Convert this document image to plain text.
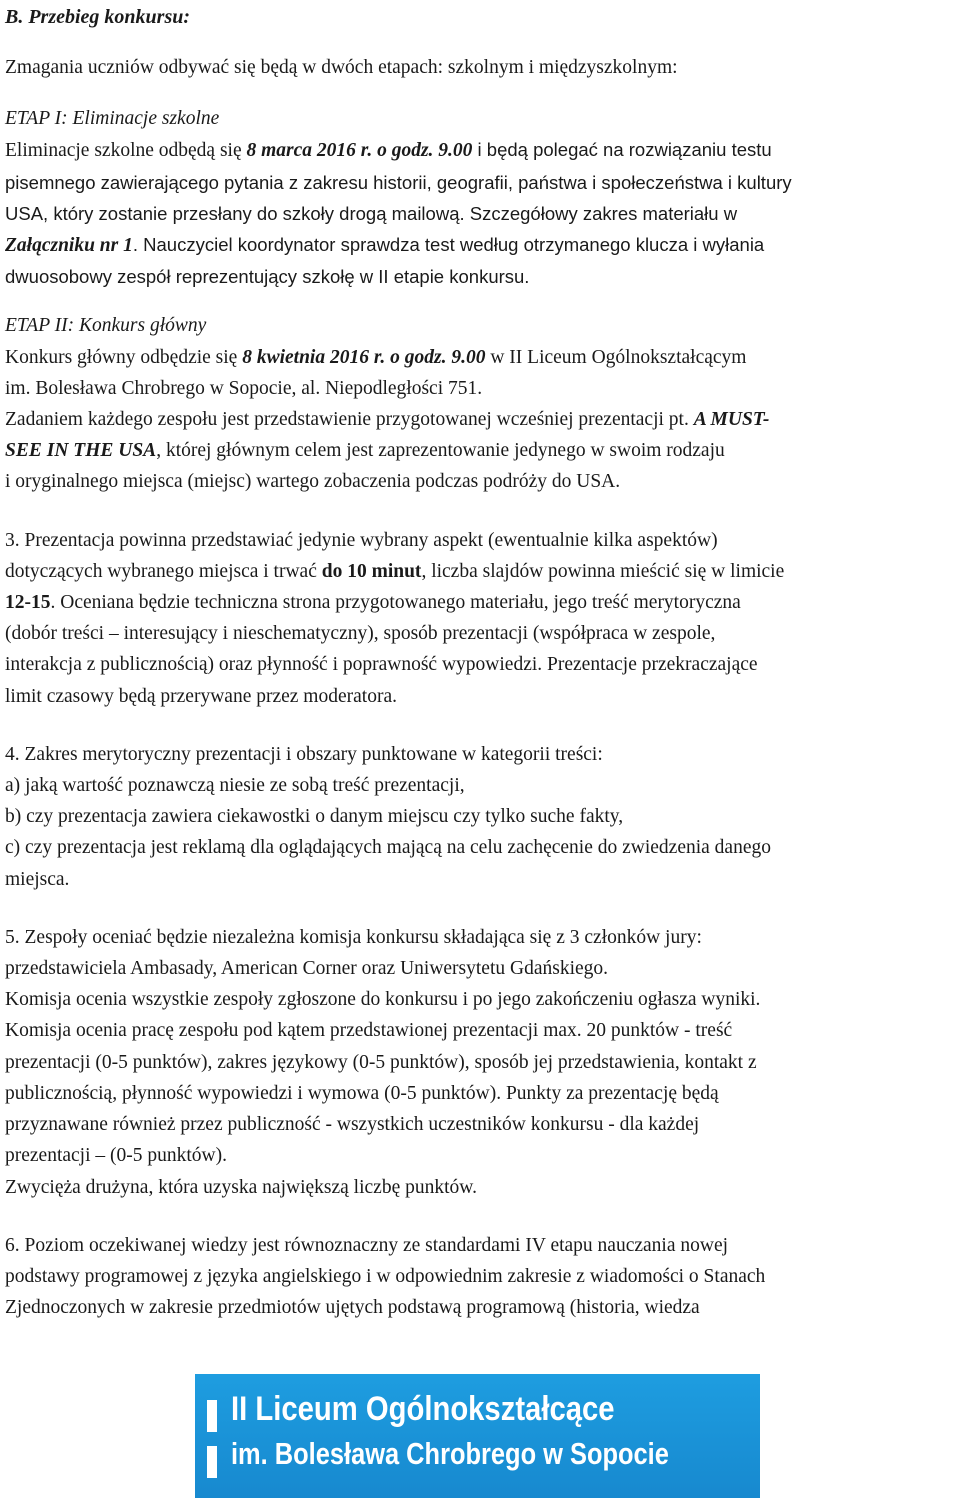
B. Przebieg konkursu:

Zmagania uczniów odbywać się będą w dwóch etapach: szkolnym i międzyszkolnym:

ETAP I: Eliminacje szkolne

Eliminacje szkolne odbędą się 8 marca 2016 r. o godz. 9.00 i będą polegać na rozwiązaniu testu

pisemnego zawierającego pytania z zakresu historii, geografii, państwa i społeczeństwa i kultury

USA, który zostanie przesłany do szkoły drogą mailową. Szczegółowy zakres materiału w

Załączniku nr 1. Nauczyciel koordynator sprawdza test według otrzymanego klucza i wyłania

dwuosobowy zespół reprezentujący szkołę w II etapie konkursu.

ETAP II: Konkurs główny

Konkurs główny odbędzie się 8 kwietnia 2016 r. o godz. 9.00 w II Liceum Ogólnokształcącym

im. Bolesława Chrobrego w Sopocie, al. Niepodległości 751.

Zadaniem każdego zespołu jest przedstawienie przygotowanej wcześniej prezentacji pt. A MUST-

SEE IN THE USA, której głównym celem jest zaprezentowanie jedynego w swoim rodzaju

i oryginalnego miejsca (miejsc) wartego zobaczenia podczas podróży do USA.

3. Prezentacja powinna przedstawiać jedynie wybrany aspekt (ewentualnie kilka aspektów)

dotyczących wybranego miejsca i trwać do 10 minut, liczba slajdów powinna mieścić się w limicie

12-15. Oceniana będzie techniczna strona przygotowanego materiału, jego treść merytoryczna

(dobór treści – interesujący i nieschematyczny), sposób prezentacji (współpraca w zespole,

interakcja z publicznością) oraz płynność i poprawność wypowiedzi. Prezentacje przekraczające

limit czasowy będą przerywane przez moderatora.

4. Zakres merytoryczny prezentacji i obszary punktowane w kategorii treści:

a) jaką wartość poznawczą niesie ze sobą treść prezentacji,

b) czy prezentacja zawiera ciekawostki o danym miejscu czy tylko suche fakty,

c) czy prezentacja jest reklamą dla oglądających mającą na celu zachęcenie do zwiedzenia danego

miejsca.

5. Zespoły oceniać będzie niezależna komisja konkursu składająca się z 3 członków jury:

przedstawiciela Ambasady, American Corner oraz Uniwersytetu Gdańskiego.

Komisja ocenia wszystkie zespoły zgłoszone do konkursu i po jego zakończeniu ogłasza wyniki.

Komisja ocenia pracę zespołu pod kątem przedstawionej prezentacji max. 20 punktów - treść

prezentacji (0-5 punktów), zakres językowy (0-5 punktów), sposób jej przedstawienia, kontakt z

publicznością, płynność wypowiedzi i wymowa (0-5 punktów). Punkty za prezentację będą

przyznawane również przez publiczność - wszystkich uczestników konkursu - dla każdej

prezentacji – (0-5 punktów).

Zwycięża drużyna, która uzyska największą liczbę punktów.

6. Poziom oczekiwanej wiedzy jest równoznaczny ze standardami IV etapu nauczania nowej

podstawy programowej z języka angielskiego i w odpowiednim zakresie z wiadomości o Stanach

Zjednoczonych w zakresie przedmiotów ujętych podstawą programową (historia, wiedza

II Liceum Ogólnokształcące
im. Bolesława Chrobrego w Sopocie
